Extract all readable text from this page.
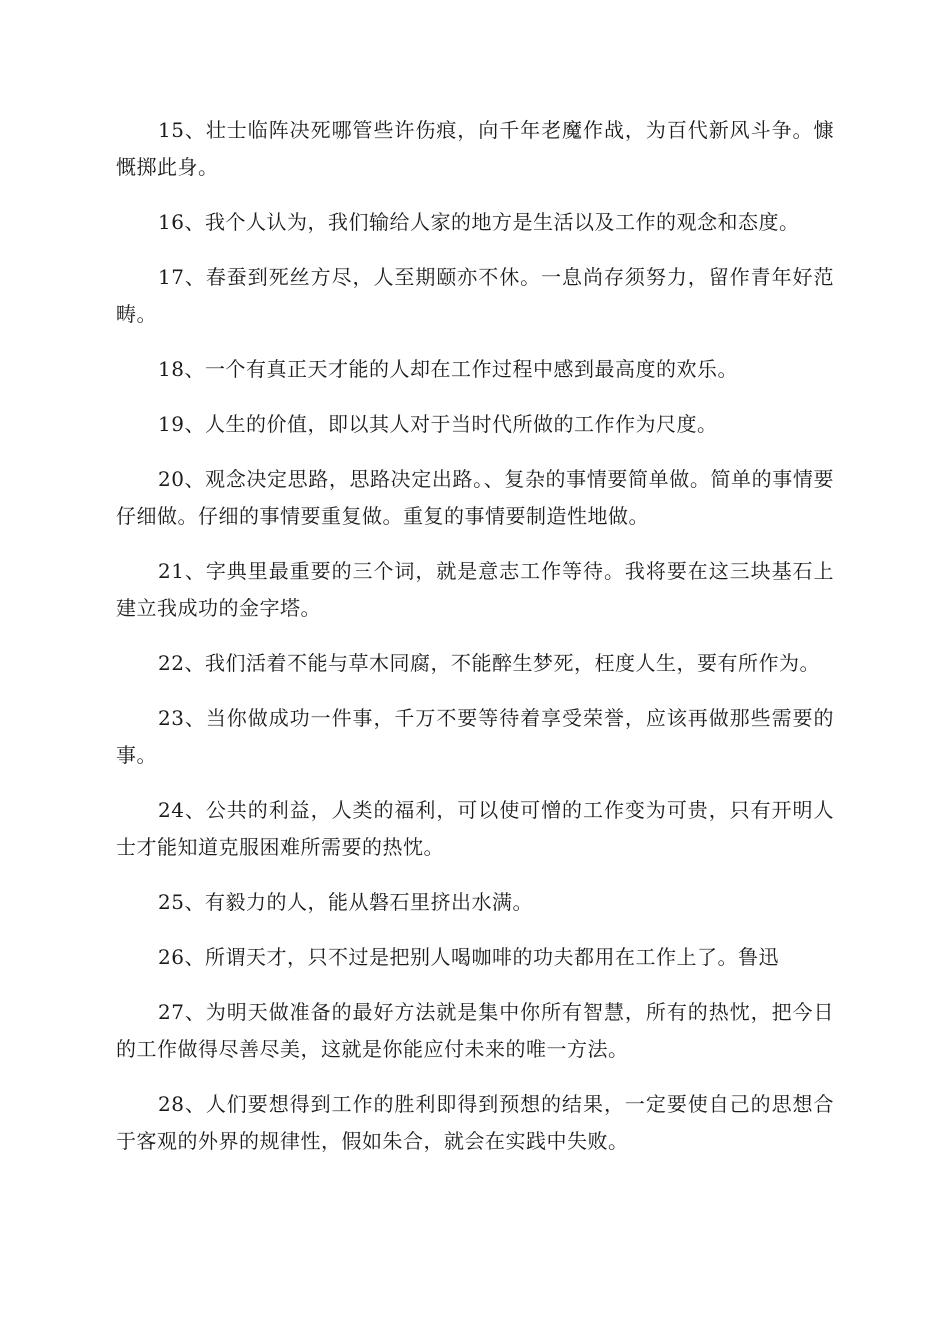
15、壮士临阵决死哪管些许伤痕，向千年老魔作战，为百代新风斗争。慷慨掷此身。

16、我个人认为，我们输给人家的地方是生活以及工作的观念和态度。

17、春蚕到死丝方尽，人至期颐亦不休。一息尚存须努力，留作青年好范畴。

18、一个有真正天才能的人却在工作过程中感到最高度的欢乐。

19、人生的价值，即以其人对于当时代所做的工作作为尺度。

20、观念决定思路，思路决定出路。、复杂的事情要简单做。简单的事情要仔细做。仔细的事情要重复做。重复的事情要制造性地做。

21、字典里最重要的三个词，就是意志工作等待。我将要在这三块基石上建立我成功的金字塔。

22、我们活着不能与草木同腐，不能醉生梦死，枉度人生，要有所作为。

23、当你做成功一件事，千万不要等待着享受荣誉，应该再做那些需要的事。

24、公共的利益，人类的福利，可以使可憎的工作变为可贵，只有开明人士才能知道克服困难所需要的热忱。

25、有毅力的人，能从磐石里挤出水满。

26、所谓天才，只不过是把别人喝咖啡的功夫都用在工作上了。鲁迅

27、为明天做准备的最好方法就是集中你所有智慧，所有的热忱，把今日的工作做得尽善尽美，这就是你能应付未来的唯一方法。

28、人们要想得到工作的胜利即得到预想的结果，一定要使自己的思想合于客观的外界的规律性，假如朱合，就会在实践中失败。
